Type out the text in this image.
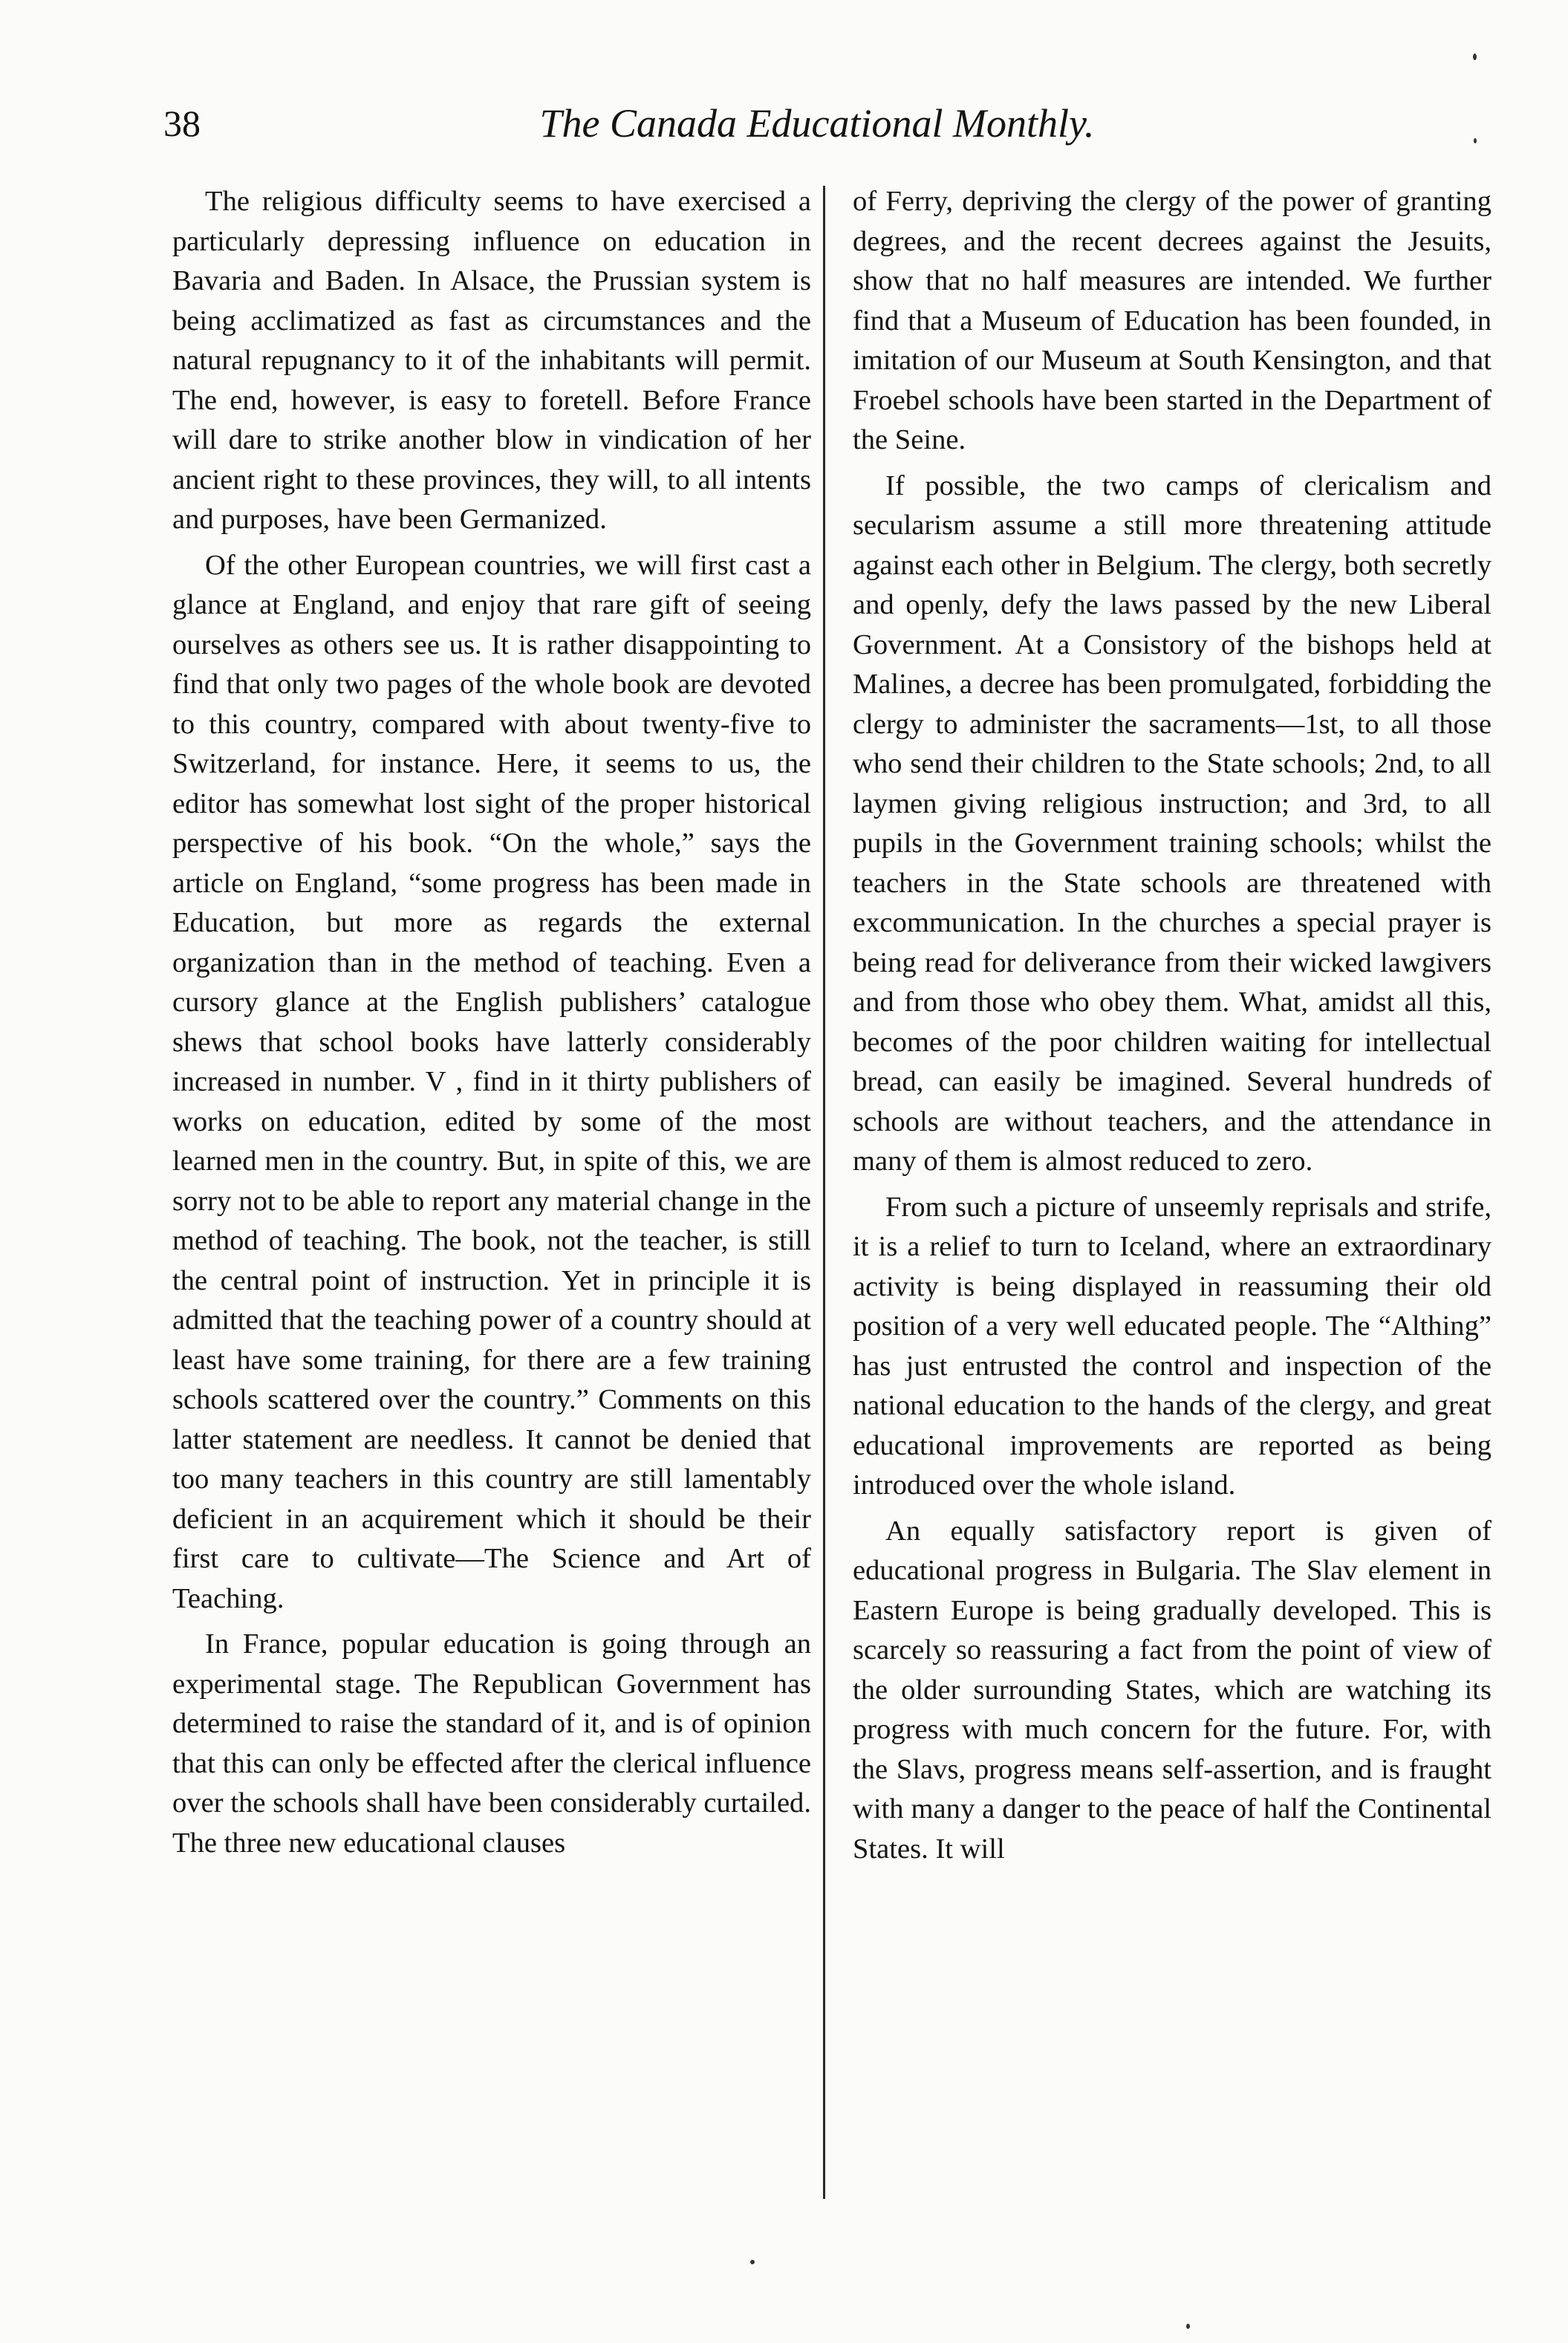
The Canada Educational Monthly.
38

The religious difficulty seems to have exercised a particularly depressing influence on education in Bavaria and Baden. In Alsace, the Prussian system is being acclimatized as fast as circumstances and the natural repugnancy to it of the inhabitants will permit. The end, however, is easy to foretell. Before France will dare to strike another blow in vindication of her ancient right to these provinces, they will, to all intents and purposes, have been Germanized.

Of the other European countries, we will first cast a glance at England, and enjoy that rare gift of seeing ourselves as others see us. It is rather disappointing to find that only two pages of the whole book are devoted to this country, compared with about twenty-five to Switzerland, for instance. Here, it seems to us, the editor has somewhat lost sight of the proper historical perspective of his book. “On the whole,” says the article on England, “some progress has been made in Education, but more as regards the external organization than in the method of teaching. Even a cursory glance at the English publishers’ catalogue shews that school books have latterly considerably increased in number. V , find in it thirty publishers of works on education, edited by some of the most learned men in the country. But, in spite of this, we are sorry not to be able to report any material change in the method of teaching. The book, not the teacher, is still the central point of instruction. Yet in principle it is admitted that the teaching power of a country should at least have some training, for there are a few training schools scattered over the country.” Comments on this latter statement are needless. It cannot be denied that too many teachers in this country are still lamentably deficient in an acquirement which it should be their first care to cultivate—The Science and Art of Teaching.

In France, popular education is going through an experimental stage. The Republican Government has determined to raise the standard of it, and is of opinion that this can only be effected after the clerical influence over the schools shall have been considerably curtailed. The three new educational clauses

of Ferry, depriving the clergy of the power of granting degrees, and the recent decrees against the Jesuits, show that no half measures are intended. We further find that a Museum of Education has been founded, in imitation of our Museum at South Kensington, and that Froebel schools have been started in the Department of the Seine.

If possible, the two camps of clericalism and secularism assume a still more threatening attitude against each other in Belgium. The clergy, both secretly and openly, defy the laws passed by the new Liberal Government. At a Consistory of the bishops held at Malines, a decree has been promulgated, forbidding the clergy to administer the sacraments—1st, to all those who send their children to the State schools; 2nd, to all laymen giving religious instruction; and 3rd, to all pupils in the Government training schools; whilst the teachers in the State schools are threatened with excommunication. In the churches a special prayer is being read for deliverance from their wicked lawgivers and from those who obey them. What, amidst all this, becomes of the poor children waiting for intellectual bread, can easily be imagined. Several hundreds of schools are without teachers, and the attendance in many of them is almost reduced to zero.

From such a picture of unseemly reprisals and strife, it is a relief to turn to Iceland, where an extraordinary activity is being displayed in reassuming their old position of a very well educated people. The “Althing” has just entrusted the control and inspection of the national education to the hands of the clergy, and great educational improvements are reported as being introduced over the whole island.

An equally satisfactory report is given of educational progress in Bulgaria. The Slav element in Eastern Europe is being gradually developed. This is scarcely so reassuring a fact from the point of view of the older surrounding States, which are watching its progress with much concern for the future. For, with the Slavs, progress means self-assertion, and is fraught with many a danger to the peace of half the Continental States. It will
